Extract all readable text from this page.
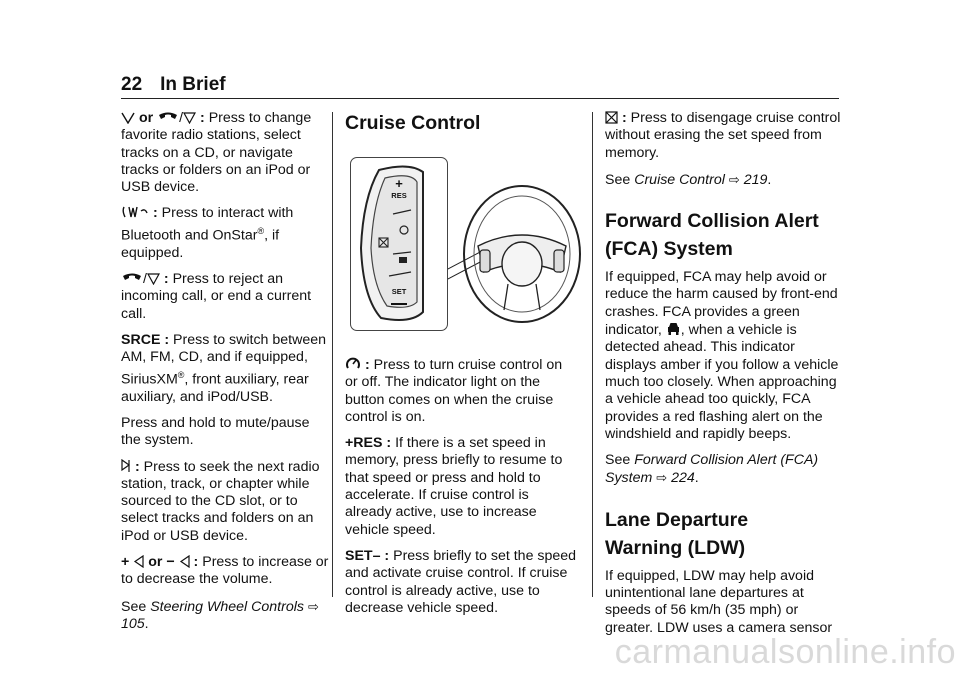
22 In Brief

or / : Press to change favorite radio stations, select tracks on a CD, or navigate tracks or folders on an iPod or USB device.

: Press to interact with Bluetooth and OnStar®, if equipped.

/ : Press to reject an incoming call, or end a current call.

SRCE : Press to switch between AM, FM, CD, and if equipped, SiriusXM®, front auxiliary, rear auxiliary, and iPod/USB.

Press and hold to mute/pause the system.

: Press to seek the next radio station, track, or chapter while sourced to the CD slot, or to select tracks and folders on an iPod or USB device.

+ or − : Press to increase or to decrease the volume.

See Steering Wheel Controls ⇨ 105.

Cruise Control
+
RES
SET

: Press to turn cruise control on or off. The indicator light on the button comes on when the cruise control is on.

+RES : If there is a set speed in memory, press briefly to resume to that speed or press and hold to accelerate. If cruise control is already active, use to increase vehicle speed.

SET– : Press briefly to set the speed and activate cruise control. If cruise control is already active, use to decrease vehicle speed.

: Press to disengage cruise control without erasing the set speed from memory.

See Cruise Control ⇨ 219.

Forward Collision Alert
(FCA) System

If equipped, FCA may help avoid or reduce the harm caused by front-end crashes. FCA provides a green indicator, , when a vehicle is detected ahead. This indicator displays amber if you follow a vehicle much too closely. When approaching a vehicle ahead too quickly, FCA provides a red flashing alert on the windshield and rapidly beeps.

See Forward Collision Alert (FCA) System ⇨ 224.

Lane Departure
Warning (LDW)

If equipped, LDW may help avoid unintentional lane departures at speeds of 56 km/h (35 mph) or greater. LDW uses a camera sensor

carmanualsonline.info
